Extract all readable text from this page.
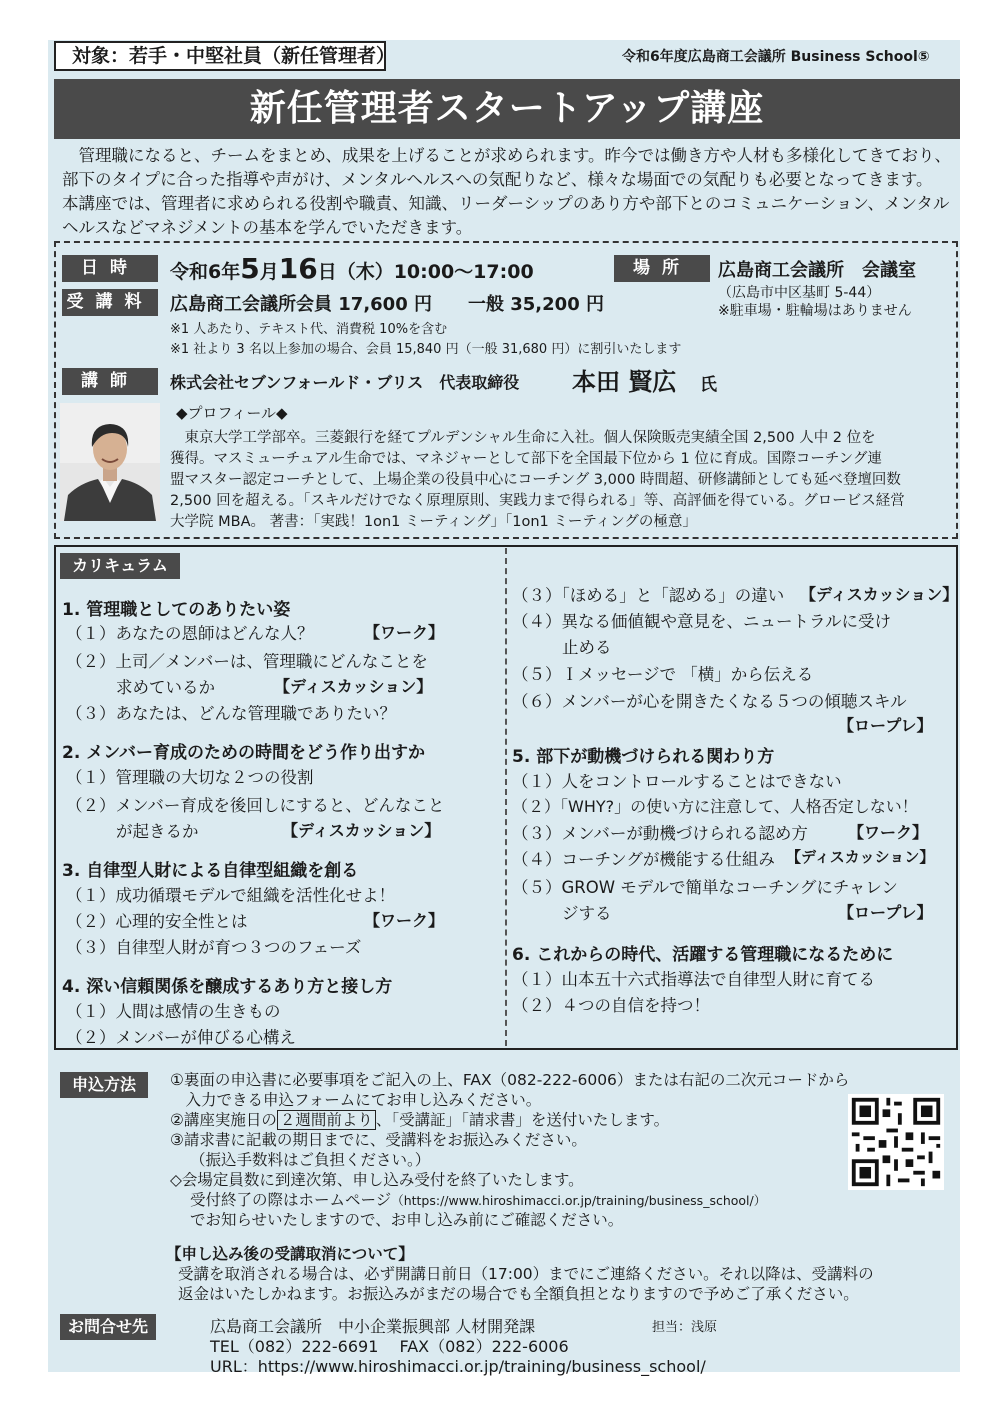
対象：若手・中堅社員（新任管理者）	令和6年度広島商工会議所 Business School⑤
新任管理者スタートアップ講座
　管理職になると、チームをまとめ、成果を上げることが求められます。昨今では働き方や人材も多様化してきており、
部下のタイプに合った指導や声がけ、メンタルヘルスへの気配りなど、様々な場面での気配りも必要となってきます。
本講座では、管理者に求められる役割や職責、知識、リーダーシップのあり方や部下とのコミュニケーション、メンタル
ヘルスなどマネジメントの基本を学んでいただきます。
日時	令和6年5月16日（木）10:00～17:00	場所	広島商工会議所　会議室
（広島市中区基町 5-44）
※駐車場・駐輪場はありません
受講料 広島商工会議所会員 17,600 円　　一般 35,200 円
※1 人あたり、テキスト代、消費税 10%を含む
※1 社より 3 名以上参加の場合、会員 15,840 円（一般 31,680 円）に割引いたします
講師	株式会社セブンフォールド・ブリス　代表取締役 本田 賢広 氏
◆プロフィール◆
　東京大学工学部卒。三菱銀行を経てプルデンシャル生命に入社。個人保険販売実績全国 2,500 人中 2 位を
獲得。マスミューチュアル生命では、マネジャーとして部下を全国最下位から 1 位に育成。国際コーチング連
盟マスター認定コーチとして、上場企業の役員中心にコーチング 3,000 時間超、研修講師としても延べ登壇回数
2,500 回を超える。「スキルだけでなく原理原則、実践力まで得られる」等、高評価を得ている。グロービス経営
大学院 MBA。 著書：「実践！1on1 ミーティング」「1on1 ミーティングの極意」
カリキュラム
1. 管理職としてのありたい姿
（１）あなたの恩師はどんな人？	【ワーク】
（２）上司／メンバーは、管理職にどんなことを
求めているか	【ディスカッション】
（３）あなたは、どんな管理職でありたい？
2. メンバー育成のための時間をどう作り出すか
（１）管理職の大切な２つの役割
（２）メンバー育成を後回しにすると、どんなこと
が起きるか	【ディスカッション】
3. 自律型人財による自律型組織を創る
（１）成功循環モデルで組織を活性化せよ！
（２）心理的安全性とは	【ワーク】
（３）自律型人財が育つ３つのフェーズ
4. 深い信頼関係を醸成するあり方と接し方
（１）人間は感情の生きもの
（２）メンバーが伸びる心構え
（３）「ほめる」と「認める」の違い 【ディスカッション】
（４）異なる価値観や意見を、ニュートラルに受け
止める
（５）Ｉメッセージで 「横」から伝える
（６）メンバーが心を開きたくなる５つの傾聴スキル
【ロープレ】
5. 部下が動機づけられる関わり方
（１）人をコントロールすることはできない
（２）「WHY?」の使い方に注意して、人格否定しない！
（３）メンバーが動機づけられる認め方	【ワーク】
（４）コーチングが機能する仕組み 【ディスカッション】
（５）GROW モデルで簡単なコーチングにチャレン
ジする	【ロープレ】
6. これからの時代、活躍する管理職になるために
（１）山本五十六式指導法で自律型人財に育てる
（２）４つの自信を持つ！
申込方法	①裏面の申込書に必要事項をご記入の上、FAX（082-222-6006）または右記の二次元コードから
　入力できる申込フォームにてお申し込みください。
②講座実施日の ２週間前より 、「受講証」「請求書」を送付いたします。
③請求書に記載の期日までに、受講料をお振込みください。
（振込手数料はご負担ください。）
◇会場定員数に到達次第、申し込み受付を終了いたします。
受付終了の際はホームページ（https://www.hiroshimacci.or.jp/training/business_school/）
でお知らせいたしますので、お申し込み前にご確認ください。
【申し込み後の受講取消について】
受講を取消される場合は、必ず開講日前日（17:00）までにご連絡ください。それ以降は、受講料の
返金はいたしかねます。お振込みがまだの場合でも全額負担となりますので予めご了承ください。
お問合せ先	広島商工会議所　中小企業振興部 人材開発課	担当：浅原
TEL（082）222-6691　 FAX（082）222-6006
URL：https://www.hiroshimacci.or.jp/training/business_school/
